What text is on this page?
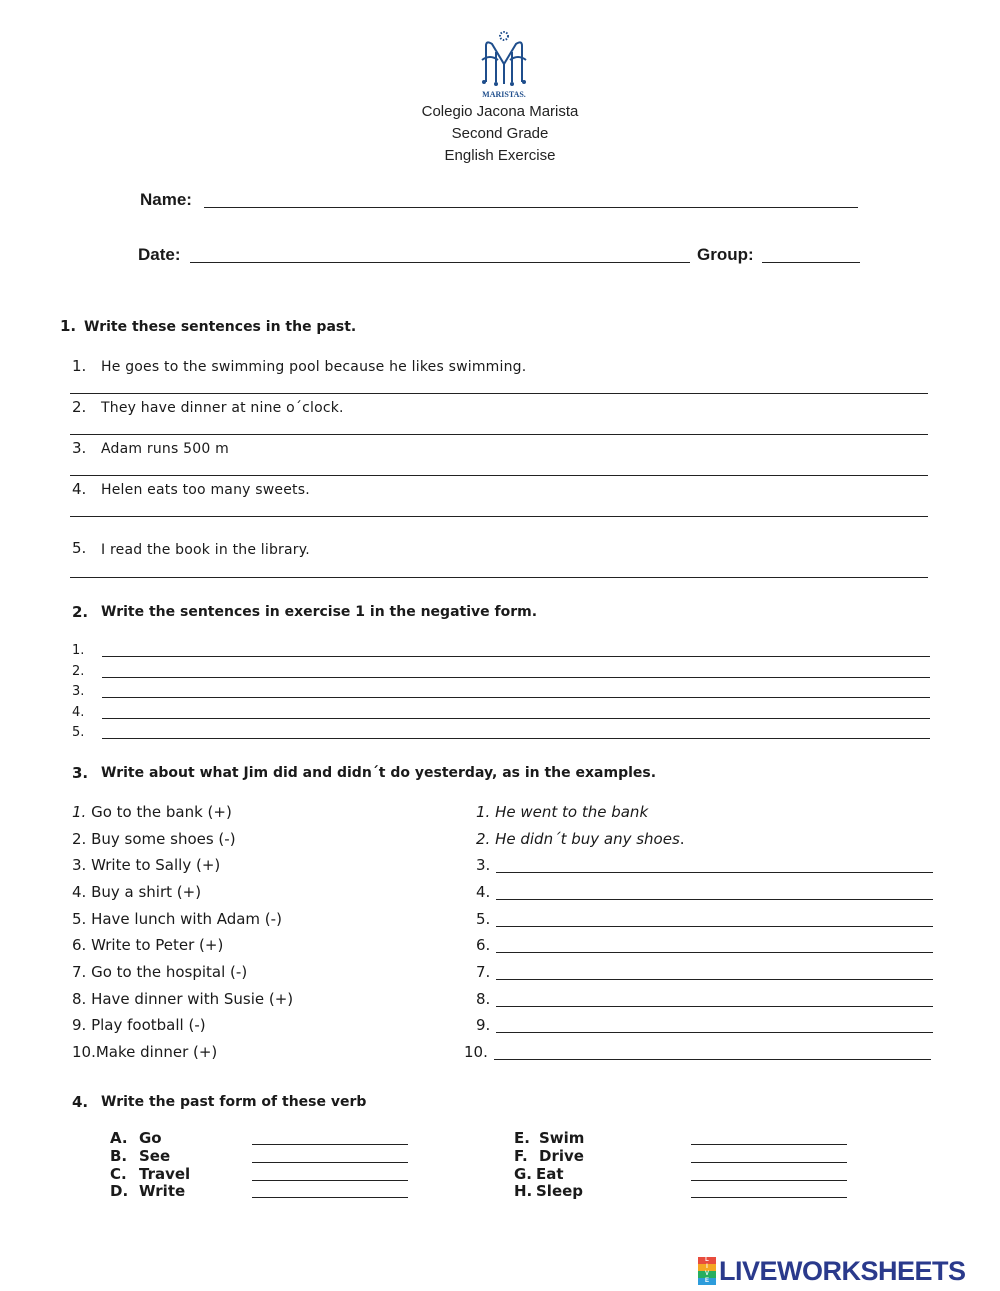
MARISTAS.
Colegio Jacona Marista
Second Grade
English Exercise
Name:
Date:	Group:
1. Write these sentences in the past.
1. He goes to the swimming pool because he likes swimming.
2. They have dinner at nine o´clock.
3. Adam runs 500 m
4. Helen eats too many sweets.
5. I read the book in the library.
2. Write the sentences in exercise 1 in the negative form.
1.
2.
3.
4.
5.
3. Write about what Jim did and didn´t do yesterday, as in the examples.
1. Go to the bank (+)
2. Buy some shoes (-)
3. Write to Sally (+)
4. Buy a shirt (+)
5. Have lunch with Adam (-)
6. Write to Peter (+)
7. Go to the hospital (-)
8. Have dinner with Susie (+)
9. Play football (-)
10.Make dinner (+)
1. He went to the bank
2. He didn´t buy any shoes.
3.
4.
5.
6.
7.
8.
9.
10.
4. Write the past form of these verb
A. Go
B. See
C. Travel
D. Write
E. Swim
F. Drive
G. Eat
H. Sleep
L
I
V
E LIVEWORKSHEETS
